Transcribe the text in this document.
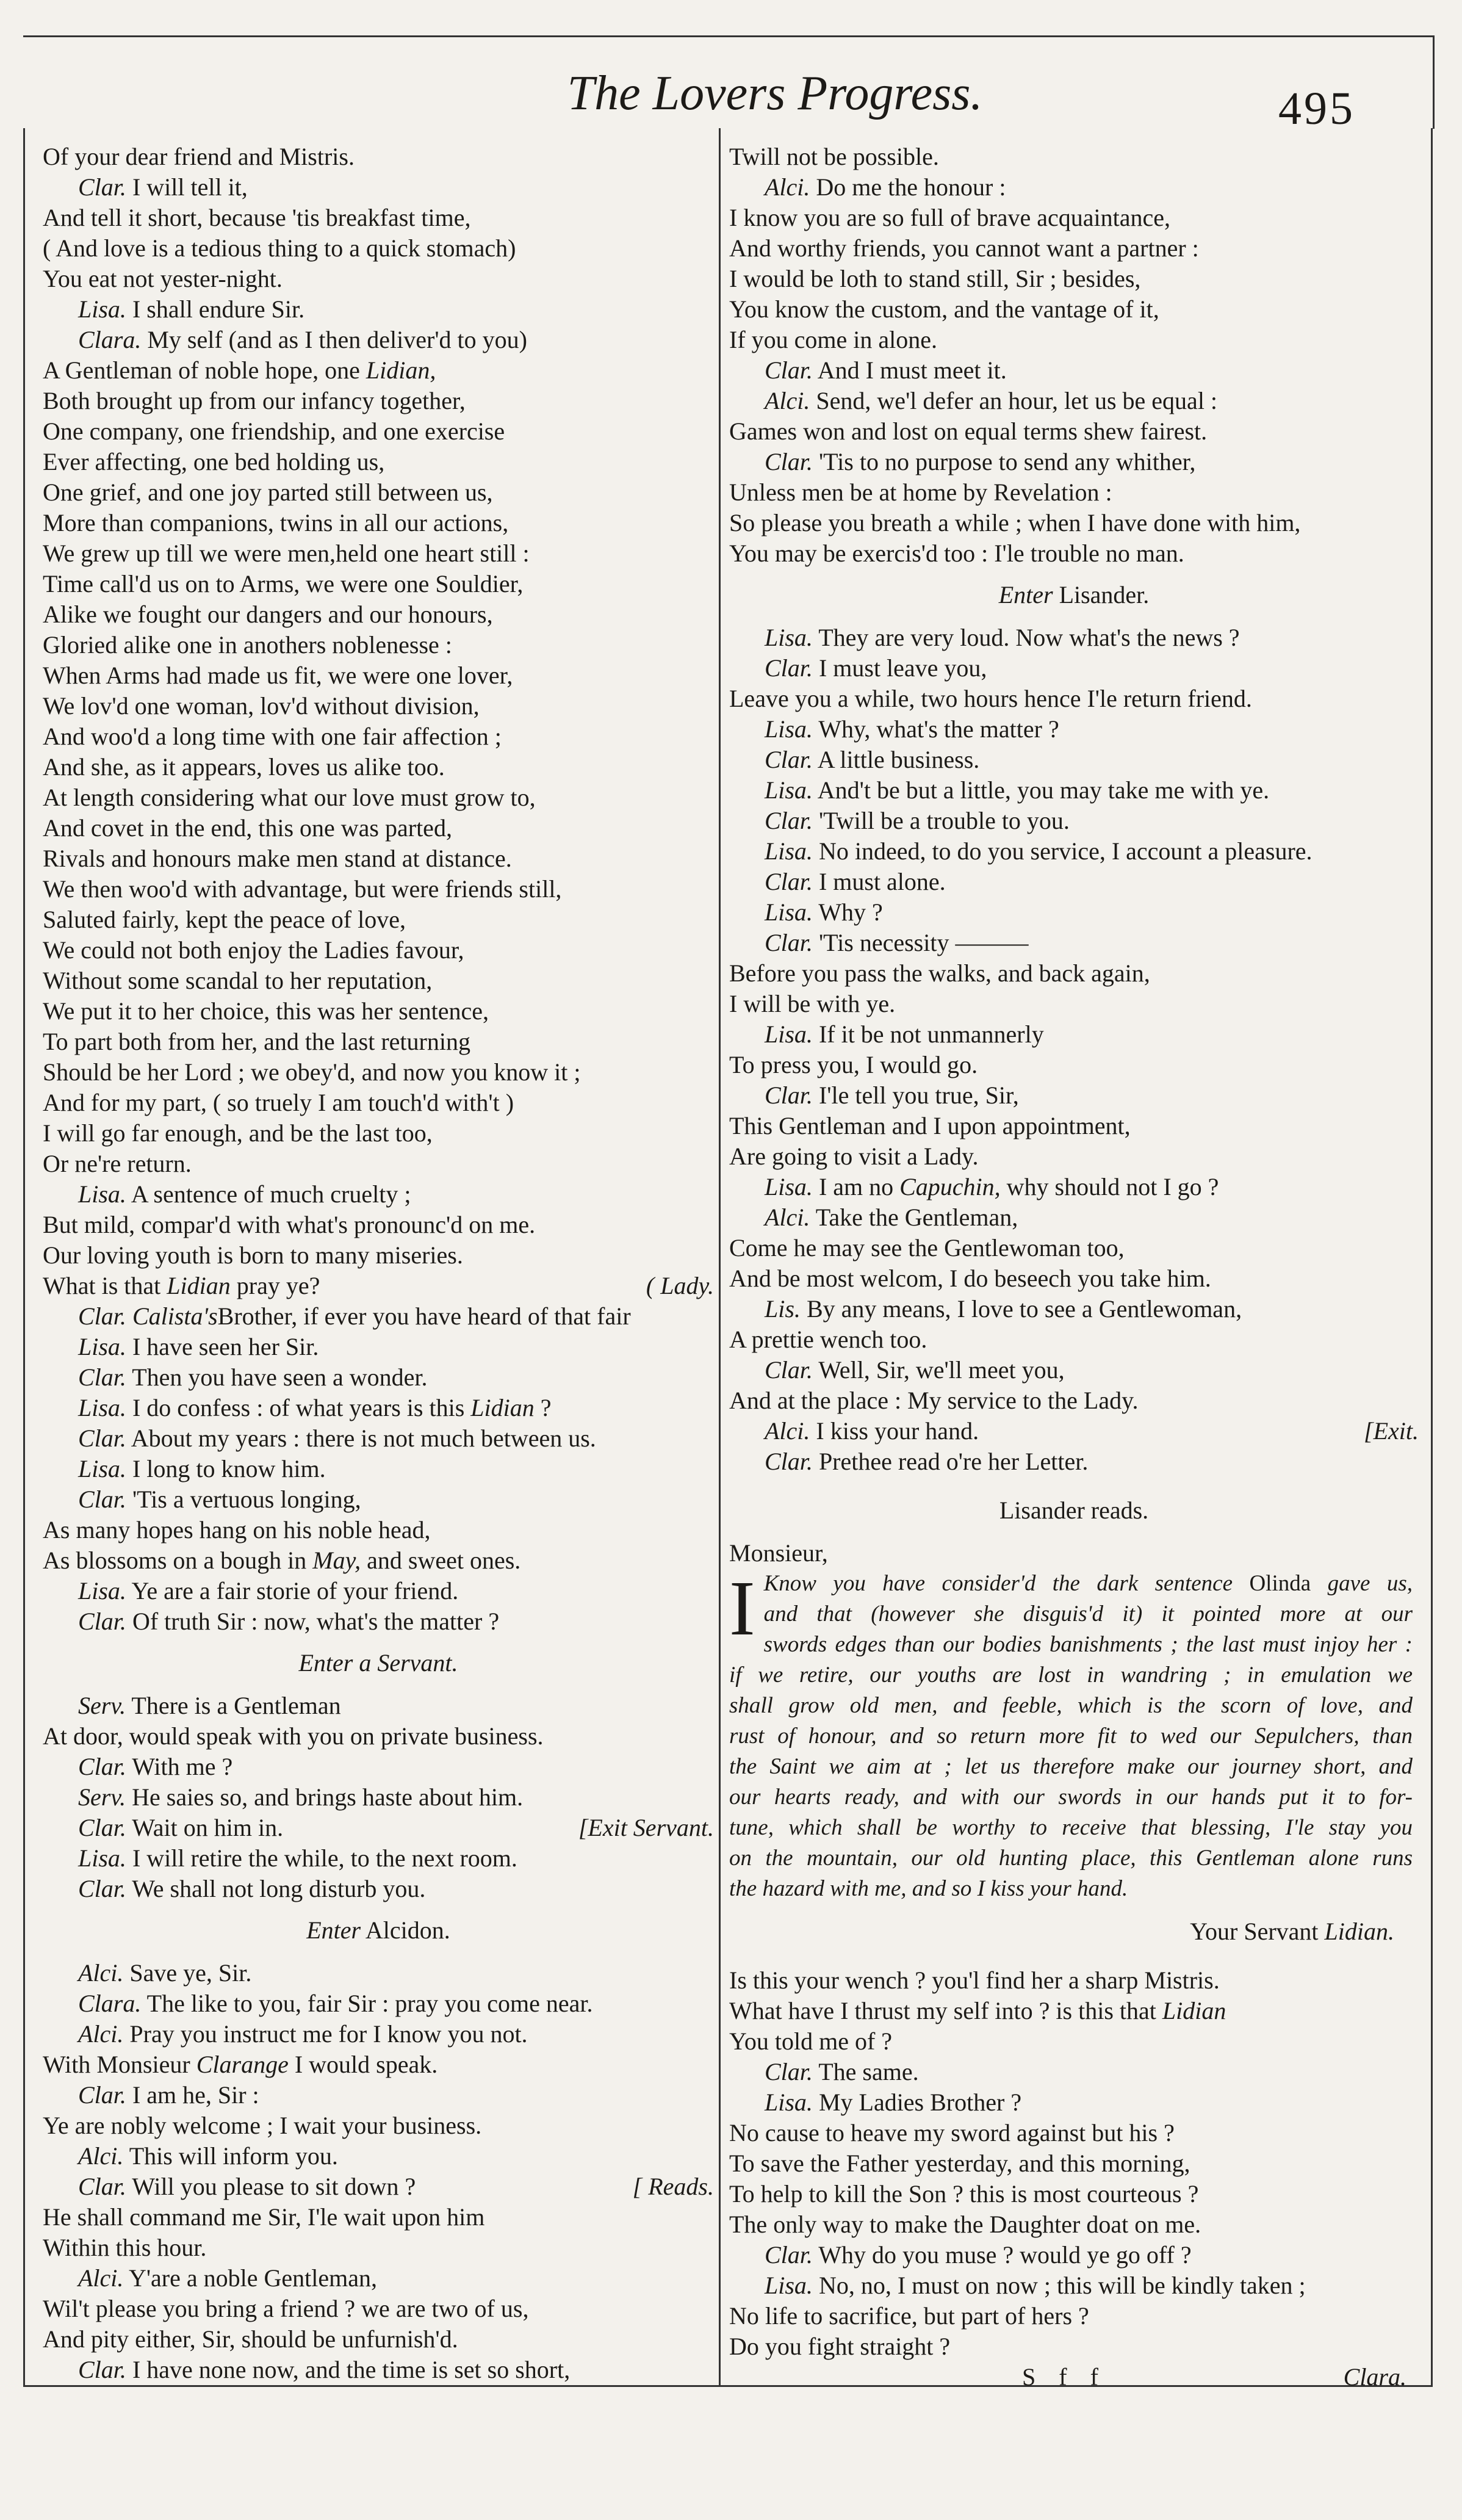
The Lovers Progress.	495
Of your dear friend and Mistris.
Clar. I will tell it,
And tell it short, because 'tis breakfast time,
( And love is a tedious thing to a quick stomach)
You eat not yester-night.
Lisa. I shall endure Sir.
Clara. My self (and as I then deliver'd to you)
A Gentleman of noble hope, one Lidian,
Both brought up from our infancy together,
One company, one friendship, and one exercise
Ever affecting, one bed holding us,
One grief, and one joy parted still between us,
More than companions, twins in all our actions,
We grew up till we were men,held one heart still :
Time call'd us on to Arms, we were one Souldier,
Alike we fought our dangers and our honours,
Gloried alike one in anothers noblenesse :
When Arms had made us fit, we were one lover,
We lov'd one woman, lov'd without division,
And woo'd a long time with one fair affection ;
And she, as it appears, loves us alike too.
At length considering what our love must grow to,
And covet in the end, this one was parted,
Rivals and honours make men stand at distance.
We then woo'd with advantage, but were friends still,
Saluted fairly, kept the peace of love,
We could not both enjoy the Ladies favour,
Without some scandal to her reputation,
We put it to her choice, this was her sentence,
To part both from her, and the last returning
Should be her Lord ; we obey'd, and now you know it ;
And for my part, ( so truely I am touch'd with't )
I will go far enough, and be the last too,
Or ne're return.
Lisa. A sentence of much cruelty ;
But mild, compar'd with what's pronounc'd on me.
Our loving youth is born to many miseries.
What is that Lidian pray ye?	( Lady.
Clar. Calista'sBrother, if ever you have heard of that fair
Lisa. I have seen her Sir.
Clar. Then you have seen a wonder.
Lisa. I do confess : of what years is this Lidian ?
Clar. About my years : there is not much between us.
Lisa. I long to know him.
Clar. 'Tis a vertuous longing,
As many hopes hang on his noble head,
As blossoms on a bough in May, and sweet ones.
Lisa. Ye are a fair storie of your friend.
Clar. Of truth Sir : now, what's the matter ?
Enter a Servant.
Serv. There is a Gentleman
At door, would speak with you on private business.
Clar. With me ?
Serv. He saies so, and brings haste about him.
Clar. Wait on him in.	[Exit Servant.
Lisa. I will retire the while, to the next room.
Clar. We shall not long disturb you.
Enter Alcidon.
Alci. Save ye, Sir.
Clara. The like to you, fair Sir : pray you come near.
Alci. Pray you instruct me for I know you not.
With Monsieur Clarange I would speak.
Clar. I am he, Sir :
Ye are nobly welcome ; I wait your business.
Alci. This will inform you.
Clar. Will you please to sit down ?	[ Reads.
He shall command me Sir, I'le wait upon him
Within this hour.
Alci. Y'are a noble Gentleman,
Wil't please you bring a friend ? we are two of us,
And pity either, Sir, should be unfurnish'd.
Clar. I have none now, and the time is set so short,
Twill not be possible.
Alci. Do me the honour :
I know you are so full of brave acquaintance,
And worthy friends, you cannot want a partner :
I would be loth to stand still, Sir ; besides,
You know the custom, and the vantage of it,
If you come in alone.
Clar. And I must meet it.
Alci. Send, we'l defer an hour, let us be equal :
Games won and lost on equal terms shew fairest.
Clar. 'Tis to no purpose to send any whither,
Unless men be at home by Revelation :
So please you breath a while ; when I have done with him,
You may be exercis'd too : I'le trouble no man.
Enter Lisander.
Lisa. They are very loud. Now what's the news ?
Clar. I must leave you,
Leave you a while, two hours hence I'le return friend.
Lisa. Why, what's the matter ?
Clar. A little business.
Lisa. And't be but a little, you may take me with ye.
Clar. 'Twill be a trouble to you.
Lisa. No indeed, to do you service, I account a pleasure.
Clar. I must alone.
Lisa. Why ?
Clar. 'Tis necessity ———
Before you pass the walks, and back again,
I will be with ye.
Lisa. If it be not unmannerly
To press you, I would go.
Clar. I'le tell you true, Sir,
This Gentleman and I upon appointment,
Are going to visit a Lady.
Lisa. I am no Capuchin, why should not I go ?
Alci. Take the Gentleman,
Come he may see the Gentlewoman too,
And be most welcom, I do beseech you take him.
Lis. By any means, I love to see a Gentlewoman,
A prettie wench too.
Clar. Well, Sir, we'll meet you,
And at the place : My service to the Lady.
Alci. I kiss your hand.	[Exit.
Clar. Prethee read o're her Letter.
Lisander reads.
Monsieur,
I Know you have consider'd the dark sentence Olinda gave us,
and that (however she disguis'd it) it pointed more at our
swords edges than our bodies banishments ; the last must injoy her :
if we retire, our youths are lost in wandring ; in emulation we
shall grow old men, and feeble, which is the scorn of love, and
rust of honour, and so return more fit to wed our Sepulchers, than
the Saint we aim at ; let us therefore make our journey short, and
our hearts ready, and with our swords in our hands put it to for-
tune, which shall be worthy to receive that blessing, I'le stay you
on the mountain, our old hunting place, this Gentleman alone runs
the hazard with me, and so I kiss your hand.
Your Servant Lidian.
Is this your wench ? you'l find her a sharp Mistris.
What have I thrust my self into ? is this that Lidian
You told me of ?
Clar. The same.
Lisa. My Ladies Brother ?
No cause to heave my sword against but his ?
To save the Father yesterday, and this morning,
To help to kill the Son ? this is most courteous ?
The only way to make the Daughter doat on me.
Clar. Why do you muse ? would ye go off ?
Lisa. No, no, I must on now ; this will be kindly taken ;
No life to sacrifice, but part of hers ?
Do you fight straight ?
S f f	Clara.
